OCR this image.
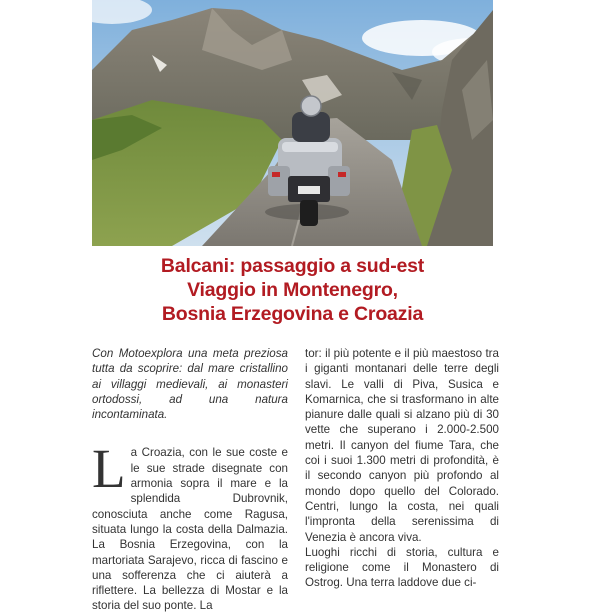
Balcani: passaggio a sud-est
Viaggio in Montenegro,
Bosnia Erzegovina e Croazia

Con Motoexplora una meta preziosa tutta da scoprire: dal mare cristallino ai villaggi medievali, ai monasteri ortodossi, ad una natura incontaminata.

La Croazia, con le sue coste e le sue strade disegnate con armonia sopra il mare e la splendida Dubrovnik, conosciuta anche come Ragusa, situata lungo la costa della Dalmazia. La Bosnia Erzegovina, con la martoriata Sarajevo, ricca di fascino e una sofferenza che ci aiuterà a riflettere. La bellezza di Mostar e la storia del suo ponte. La

tor: il più potente e il più maestoso tra i giganti montanari delle terre degli slavi. Le valli di Piva, Susica e Komarnica, che si trasformano in alte pianure dalle quali si alzano più di 30 vette che superano i 2.000-2.500 metri. Il canyon del fiume Tara, che coi i suoi 1.300 metri di profondità, è il secondo canyon più profondo al mondo dopo quello del Colorado. Centri, lungo la costa, nei quali l'impronta della serenissima di Venezia è ancora viva.

Luoghi ricchi di storia, cultura e religione come il Monastero di Ostrog. Una terra laddove due ci-
